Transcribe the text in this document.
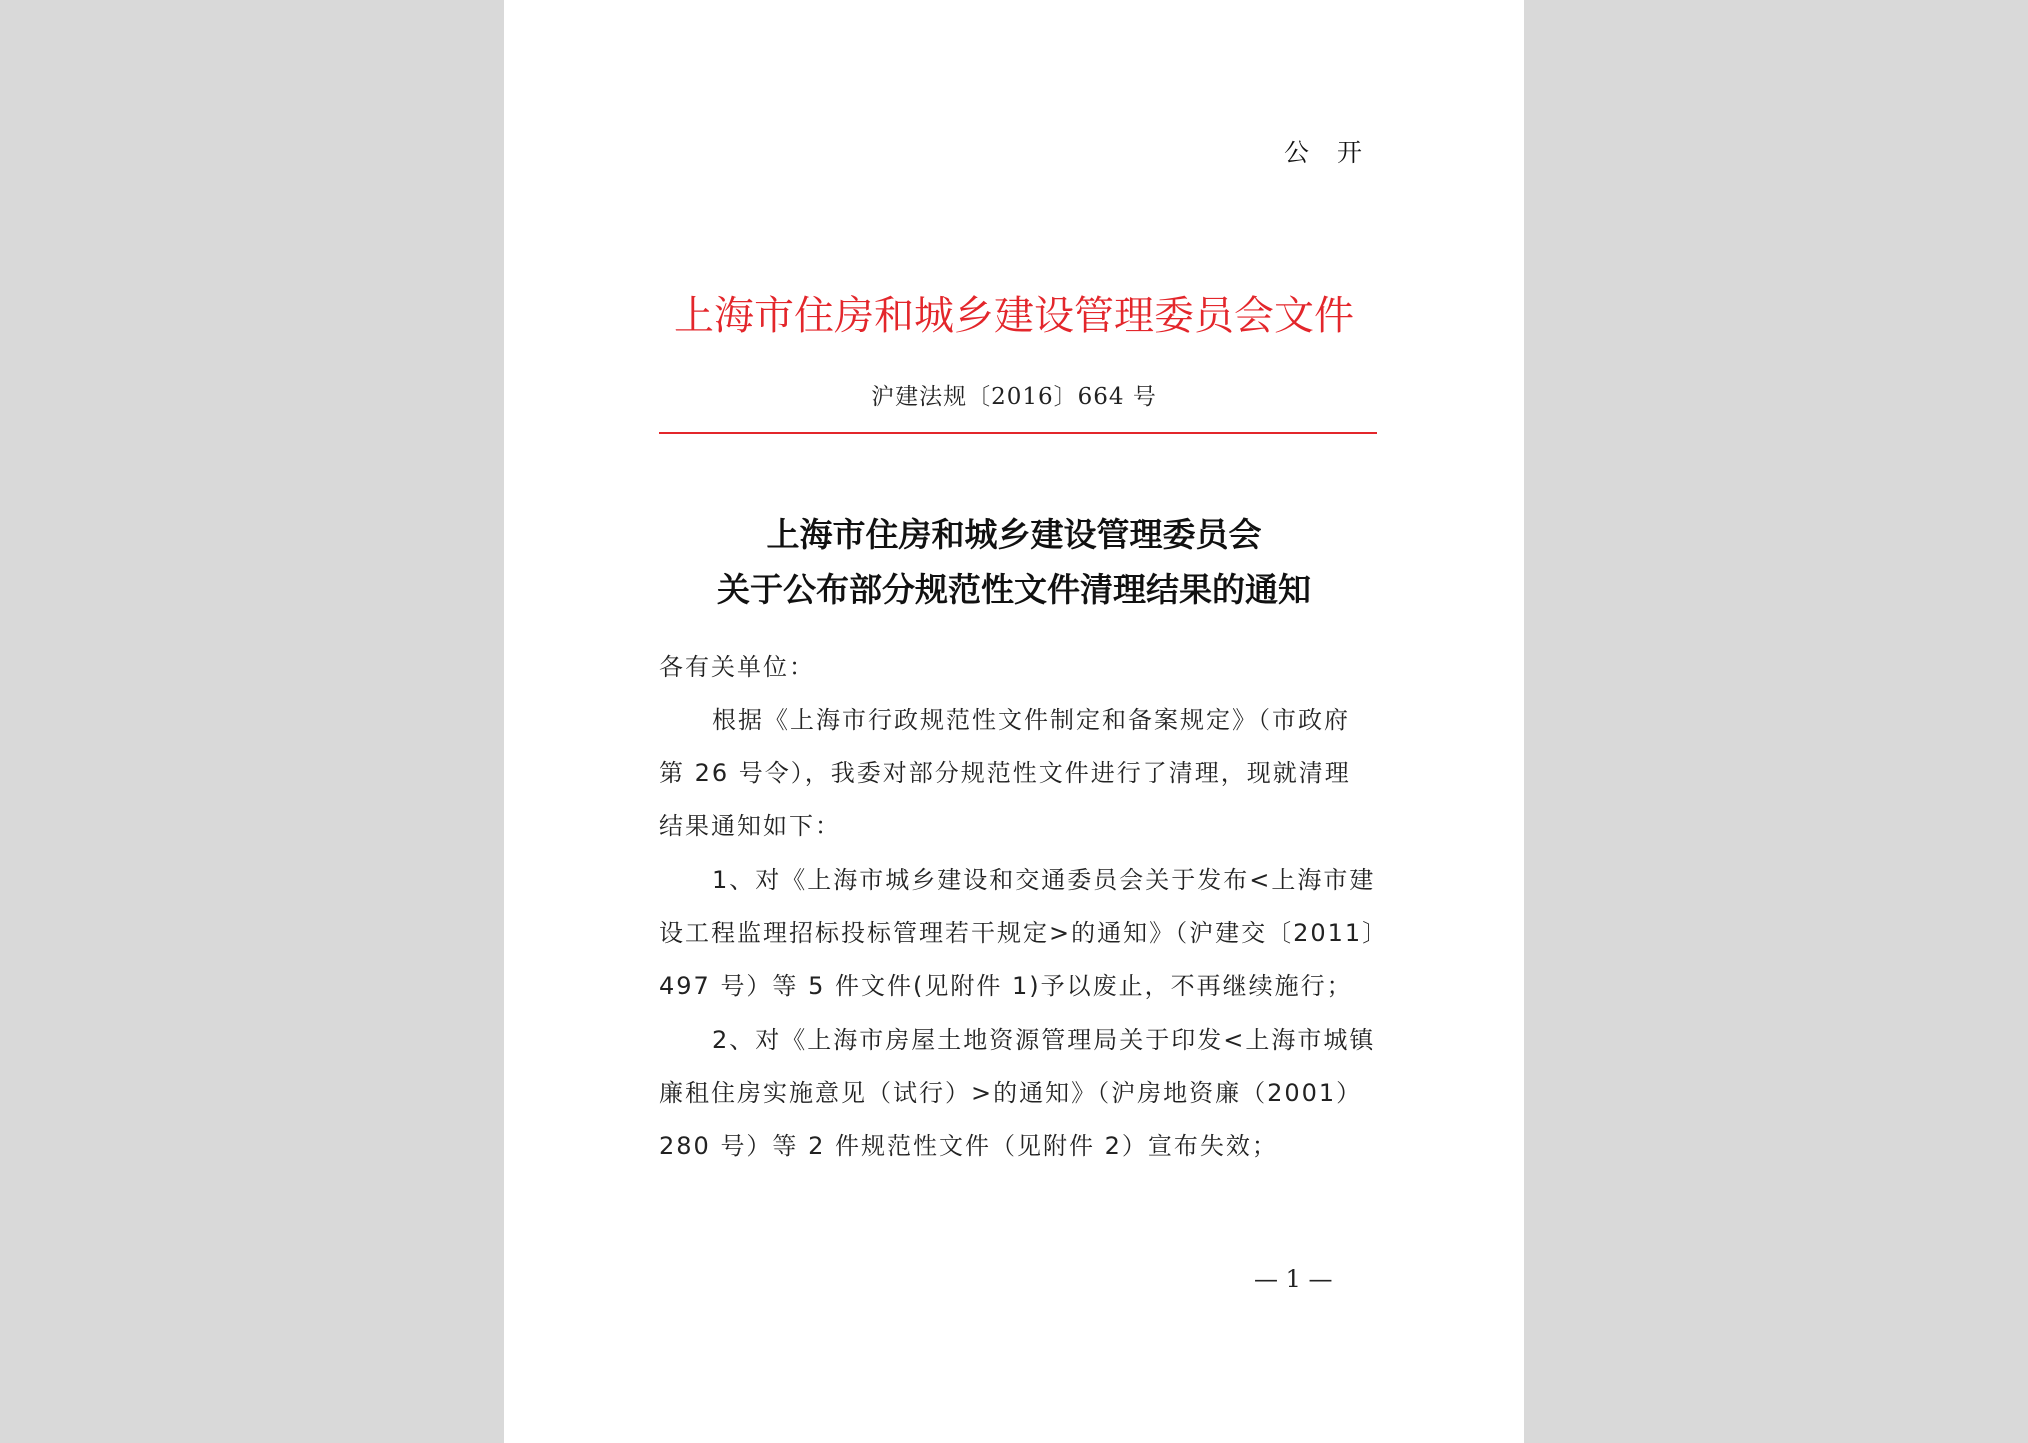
公 开
上海市住房和城乡建设管理委员会文件
沪建法规〔2016〕664 号
上海市住房和城乡建设管理委员会
关于公布部分规范性文件清理结果的通知
各有关单位：
根据《上海市行政规范性文件制定和备案规定》（市政府
第 26 号令），我委对部分规范性文件进行了清理，现就清理
结果通知如下：
1、对《上海市城乡建设和交通委员会关于发布<上海市建
设工程监理招标投标管理若干规定>的通知》（沪建交〔2011〕
497 号）等 5 件文件(见附件 1)予以废止，不再继续施行；
2、对《上海市房屋土地资源管理局关于印发<上海市城镇
廉租住房实施意见（试行）>的通知》（沪房地资廉（2001）
280 号）等 2 件规范性文件（见附件 2）宣布失效；
— 1 —
